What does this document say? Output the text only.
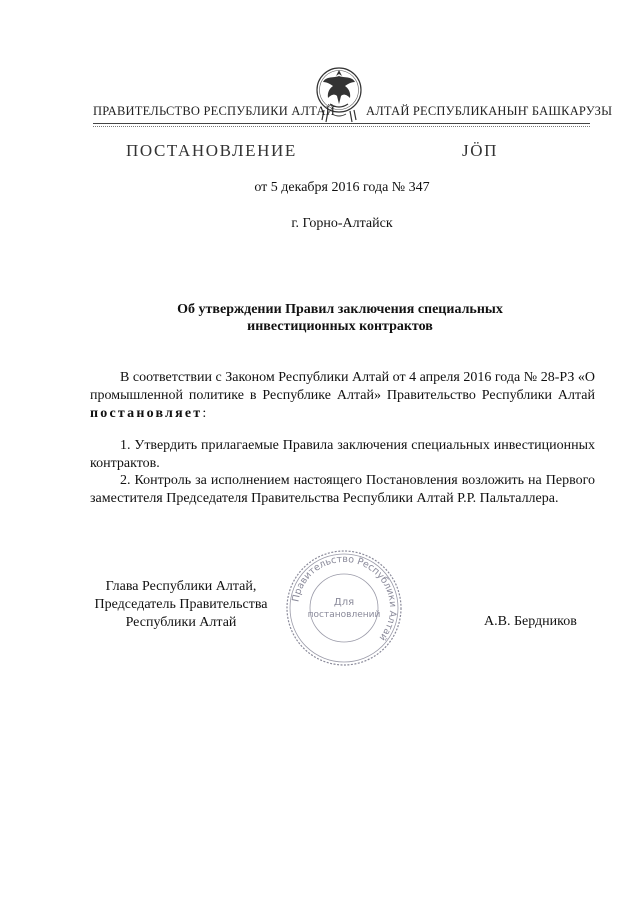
ПРАВИТЕЛЬСТВО РЕСПУБЛИКИ АЛТАЙ АЛТАЙ РЕСПУБЛИКАНЫҤ БАШКАРУЗЫ
ПОСТАНОВЛЕНИЕ	JÖП
от 5 декабря 2016 года № 347
г. Горно-Алтайск
Об утверждении Правил заключения специальных
инвестиционных контрактов
В соответствии с Законом Республики Алтай от 4 апреля 2016 года № 28-РЗ «О промышленной политике в Республике Алтай» Правительство Республики Алтай постановляет:
1. Утвердить прилагаемые Правила заключения специальных инвестиционных контрактов.
2. Контроль за исполнением настоящего Постановления возложить на Первого заместителя Председателя Правительства Республики Алтай Р.Р. Пальталлера.
Глава Республики Алтай,
Председатель Правительства
Республики Алтай	А.В. Бердников
Правительство Республики Алтай
Для
постановлений
